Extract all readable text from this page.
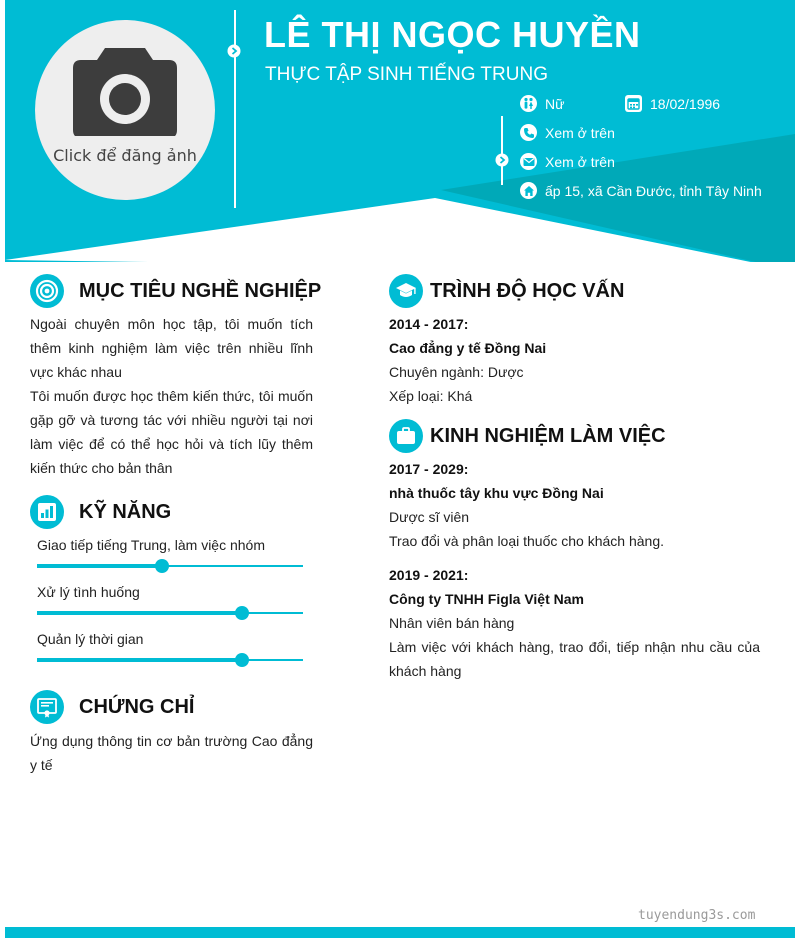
Click để đăng ảnh
LÊ THỊ NGỌC HUYỀN
THỰC TẬP SINH TIẾNG TRUNG
Nữ	18/02/1996
Xem ở trên
Xem ở trên
ấp 15, xã Cần Đước, tỉnh Tây Ninh
MỤC TIÊU NGHỀ NGHIỆP

Ngoài chuyên môn học tập, tôi muốn tích thêm kinh nghiệm làm việc trên nhiều lĩnh vực khác nhau

Tôi muốn được học thêm kiến thức, tôi muốn gặp gỡ và tương tác với nhiều người tại nơi làm việc để có thể học hỏi và tích lũy thêm kiến thức cho bản thân

KỸ NĂNG
Giao tiếp tiếng Trung, làm việc nhóm
Xử lý tình huống
Quản lý thời gian
CHỨNG CHỈ
Ứng dụng thông tin cơ bản trường Cao đẳng y tế
TRÌNH ĐỘ HỌC VẤN
2014 - 2017:
Cao đẳng y tế Đồng Nai
Chuyên ngành: Dược
Xếp loại: Khá
KINH NGHIỆM LÀM VIỆC
2017 - 2029:
nhà thuốc tây khu vực Đồng Nai
Dược sĩ viên
Trao đổi và phân loại thuốc cho khách hàng.
2019 - 2021:
Công ty TNHH Figla Việt Nam
Nhân viên bán hàng
Làm việc với khách hàng, trao đổi, tiếp nhận nhu cầu của khách hàng
tuyendung3s.com
